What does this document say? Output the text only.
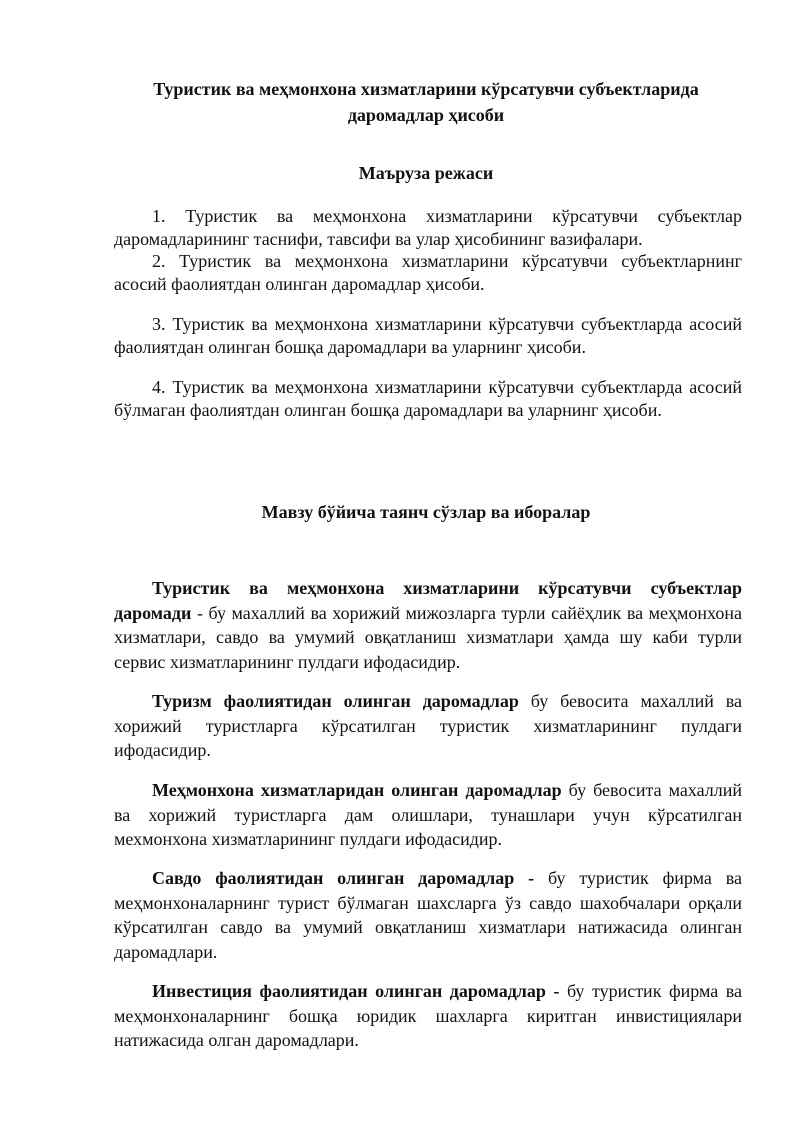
Туристик ва меҳмонхона хизматларини кўрсатувчи субъектларида даромадлар ҳисоби
Маъруза режаси

1. Туристик ва меҳмонхона хизматларини кўрсатувчи субъектлар даромадларининг таснифи, тавсифи ва улар ҳисобининг вазифалари.

2. Туристик ва меҳмонхона хизматларини кўрсатувчи субъектларнинг асосий фаолиятдан олинган даромадлар ҳисоби.

3. Туристик ва меҳмонхона хизматларини кўрсатувчи субъектларда асосий фаолиятдан олинган бошқа даромадлари ва уларнинг ҳисоби.

4. Туристик ва меҳмонхона хизматларини кўрсатувчи субъектларда асосий бўлмаган фаолиятдан олинган бошқа даромадлари ва уларнинг ҳисоби.

Мавзу бўйича таянч сўзлар ва иборалар

Туристик ва меҳмонхона хизматларини кўрсатувчи субъектлар даромади - бу махаллий ва хорижий мижозларга турли сайёҳлик ва меҳмонхона хизматлари, савдо ва умумий овқатланиш хизматлари ҳамда шу каби турли сервис хизматларининг пулдаги ифодасидир.

Туризм фаолиятидан олинган даромадлар бу бевосита махаллий ва хорижий туристларга кўрсатилган туристик хизматларининг пулдаги ифодасидир.

Меҳмонхона хизматларидан олинган даромадлар бу бевосита махаллий ва хорижий туристларга дам олишлари, тунашлари учун кўрсатилган мехмонхона хизматларининг пулдаги ифодасидир.

Савдо фаолиятидан олинган даромадлар - бу туристик фирма ва меҳмонхоналарнинг турист бўлмаган шахсларга ўз савдо шахобчалари орқали кўрсатилган савдо ва умумий овқатланиш хизматлари натижасида олинган даромадлари.

Инвестиция фаолиятидан олинган даромадлар - бу туристик фирма ва меҳмонхоналарнинг бошқа юридик шахларга киритган инвистициялари натижасида олган даромадлари.
